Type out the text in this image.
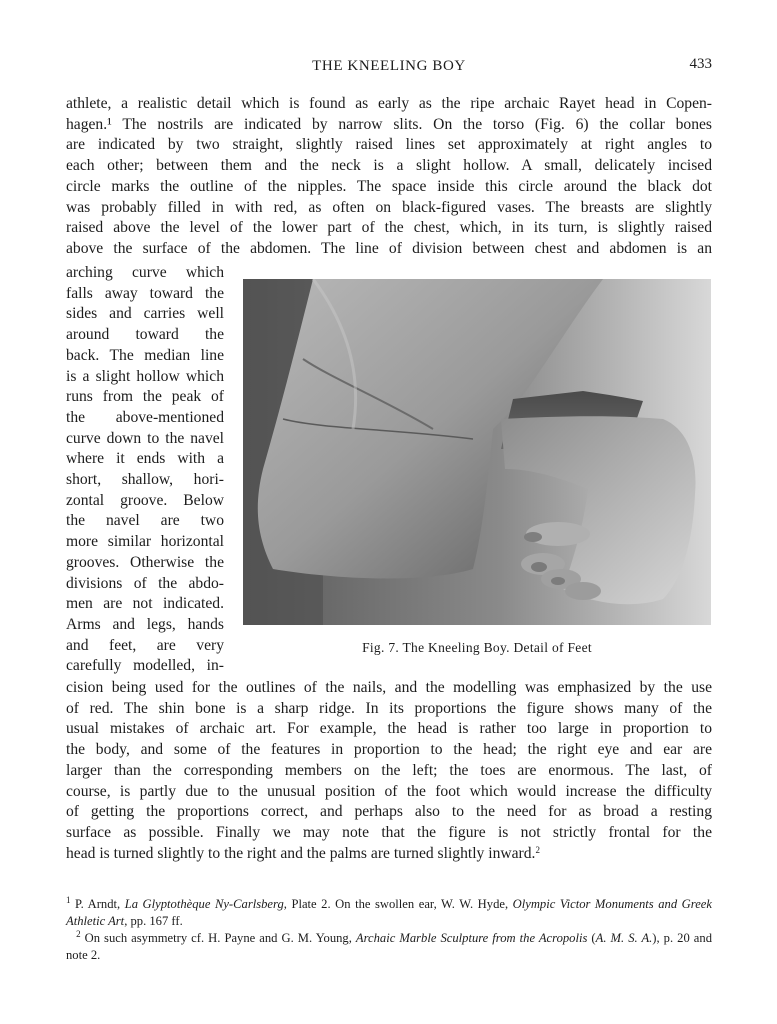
THE KNEELING BOY	433
athlete, a realistic detail which is found as early as the ripe archaic Rayet head in Copen-
hagen.¹ The nostrils are indicated by narrow slits. On the torso (Fig. 6) the collar bones
are indicated by two straight, slightly raised lines set approximately at right angles to
each other; between them and the neck is a slight hollow. A small, delicately incised
circle marks the outline of the nipples. The space inside this circle around the black dot
was probably filled in with red, as often on black-figured vases. The breasts are slightly
raised above the level of the lower part of the chest, which, in its turn, is slightly raised
above the surface of the abdomen. The line of division between chest and abdomen is an
arching curve which
falls away toward the
sides and carries well
around toward the
back. The median line
is a slight hollow which
runs from the peak of
the above-mentioned
curve down to the navel
where it ends with a
short, shallow, hori-
zontal groove. Below
the navel are two
more similar horizontal
grooves. Otherwise the
divisions of the abdo-
men are not indicated.
Arms and legs, hands
and feet, are very
carefully modelled, in-
Fig. 7. The Kneeling Boy. Detail of Feet
cision being used for the outlines of the nails, and the modelling was emphasized by the use
of red. The shin bone is a sharp ridge. In its proportions the figure shows many of the
usual mistakes of archaic art. For example, the head is rather too large in proportion to
the body, and some of the features in proportion to the head; the right eye and ear are
larger than the corresponding members on the left; the toes are enormous. The last, of
course, is partly due to the unusual position of the foot which would increase the difficulty
of getting the proportions correct, and perhaps also to the need for as broad a resting
surface as possible. Finally we may note that the figure is not strictly frontal for the
head is turned slightly to the right and the palms are turned slightly inward.$^2$
$^1$ P. Arndt, La Glyptothèque Ny-Carlsberg, Plate 2. On the swollen ear, W. W. Hyde, Olympic Victor Monuments and Greek Athletic Art, pp. 167 ff.
$^2$ On such asymmetry cf. H. Payne and G. M. Young, Archaic Marble Sculpture from the Acropolis (A. M. S. A.), p. 20 and note 2.
